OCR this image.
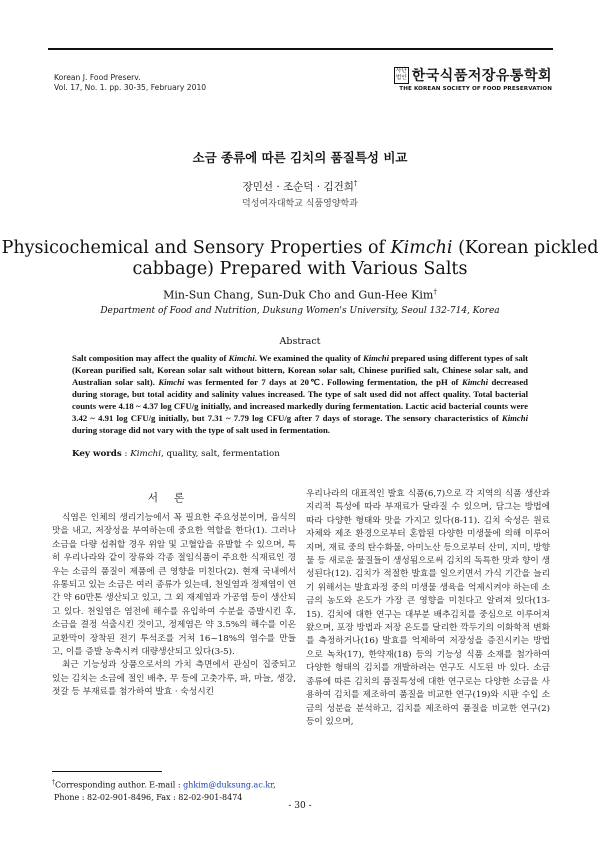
Korean J. Food Preserv.
Vol. 17, No. 1. pp. 30-35, February 2010
사단
법인 한국식품저장유통학회
THE KOREAN SOCIETY OF FOOD PRESERVATION
소금 종류에 따른 김치의 품질특성 비교
장민선 · 조순덕 · 김건희†
덕성여자대학교 식품영양학과
Physicochemical and Sensory Properties of Kimchi (Korean pickled
cabbage) Prepared with Various Salts
Min-Sun Chang, Sun-Duk Cho and Gun-Hee Kim†
Department of Food and Nutrition, Duksung Women's University, Seoul 132-714, Korea
Abstract
Salt composition may affect the quality of Kimchi. We examined the quality of Kimchi prepared using different types of salt (Korean purified salt, Korean solar salt without bittern, Korean solar salt, Chinese purified salt, Chinese solar salt, and Australian solar salt). Kimchi was fermented for 7 days at 20℃. Following fermentation, the pH of Kimchi decreased during storage, but total acidity and salinity values increased. The type of salt used did not affect quality. Total bacterial counts were 4.18 ~ 4.37 log CFU/g initially, and increased markedly during fermentation. Lactic acid bacterial counts were 3.42 ~ 4.91 log CFU/g initially, but 7.31 ~ 7.79 log CFU/g after 7 days of storage. The sensory characteristics of Kimchi during storage did not vary with the type of salt used in fermentation.
Key words : Kimchi, quality, salt, fermentation
서론

식염은 인체의 생리기능에서 꼭 필요한 주요성분이며, 음식의 맛을 내고, 저장성을 부여하는데 중요한 역할을 한다(1). 그러나 소금을 다량 섭취할 경우 위암 및 고혈압을 유발할 수 있으며, 특히 우리나라와 같이 장류와 각종 절임식품이 주요한 식재료인 경우는 소금의 품질이 제품에 큰 영향을 미친다(2). 현재 국내에서 유통되고 있는 소금은 여러 종류가 있는데, 천일염과 정제염이 연간 약 60만톤 생산되고 있고, 그 외 재제염과 가공염 등이 생산되고 있다. 천일염은 염전에 해수를 유입하여 수분을 증발시킨 후, 소금을 결정 석출시킨 것이고, 정제염은 약 3.5%의 해수를 이온 교환막이 장착된 전기 투석조를 거쳐 16~18%의 염수를 만들고, 이를 증발 농축시켜 대량생산되고 있다(3-5).

최근 기능성과 상품으로서의 가치 측면에서 관심이 집중되고 있는 김치는 소금에 절인 배추, 무 등에 고춧가루, 파, 마늘, 생강, 젓갈 등 부재료를 첨가하여 발효 · 숙성시킨

우리나라의 대표적인 발효 식품(6,7)으로 각 지역의 식품 생산과 지리적 특성에 따라 부재료가 달라질 수 있으며, 담그는 방법에 따라 다양한 형태와 맛을 가지고 있다(8-11). 김치 숙성은 원료자체와 제조 환경으로부터 혼합된 다양한 미생물에 의해 이루어지며, 재료 중의 탄수화물, 아미노산 등으로부터 산미, 지미, 방향물 등 새로운 물질들이 생성됨으로써 김치의 독특한 맛과 향이 생성된다(12). 김치가 적절한 발효를 일으키면서 가식 기간을 늘리기 위해서는 발효과정 중의 미생물 생육을 억제시켜야 하는데 소금의 농도와 온도가 가장 큰 영향을 미친다고 알려져 있다(13-15). 김치에 대한 연구는 대부분 배추김치를 중심으로 이루어져 왔으며, 포장 방법과 저장 온도를 달리한 깍두기의 이화학적 변화를 측정하거나(16) 발효를 억제하여 저장성을 증진시키는 방법으로 녹차(17), 한약재(18) 등의 기능성 식품 소재를 첨가하여 다양한 형태의 김치를 개발하려는 연구도 시도된 바 있다. 소금 종류에 따른 김치의 품질특성에 대한 연구로는 다양한 소금을 사용하여 김치를 제조하여 품질을 비교한 연구(19)와 시판 수입 소금의 성분을 분석하고, 김치를 제조하여 품질을 비교한 연구(2) 등이 있으며,

†Corresponding author. E-mail : ghkim@duksung.ac.kr,
Phone : 82-02-901-8496, Fax : 82-02-901-8474
- 30 -
